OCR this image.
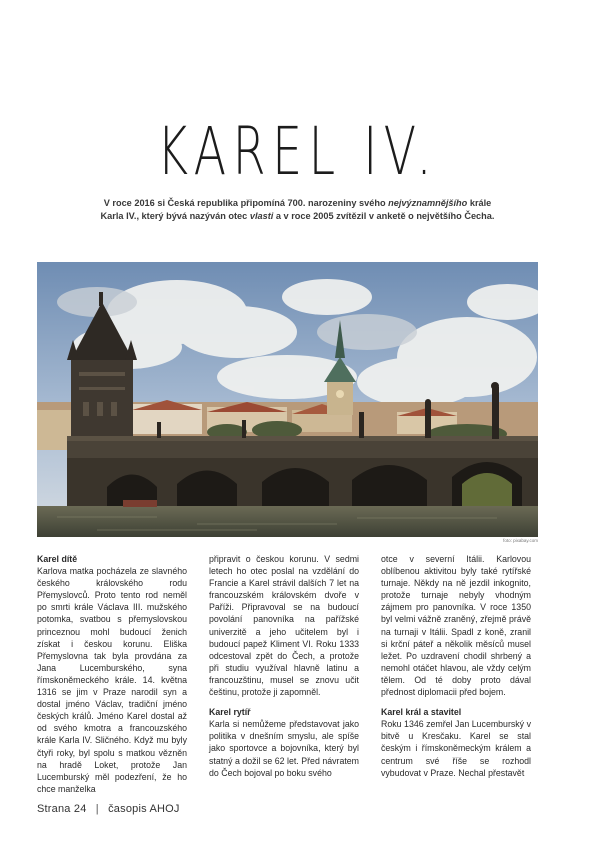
KAREL IV.
V roce 2016 si Česká republika připomíná 700. narozeniny svého nejvýznamnějšího krále
Karla IV., který bývá nazýván otec vlasti a v roce 2005 zvítězil v anketě o největšího Čecha.
foto: pixabay.com

Karel dítě

Karlova matka pocházela ze slavného českého královského rodu Přemyslovců. Proto tento rod neměl po smrti krále Václava III. mužského potomka, svatbou s přemyslovskou princeznou mohl budoucí ženich získat i českou korunu. Eliška Přemyslovna tak byla provdána za Jana Lucemburského, syna římskoněmeckého krále. 14. května 1316 se jim v Praze narodil syn a dostal jméno Václav, tradiční jméno českých králů. Jméno Karel dostal až od svého kmotra a francouzského krále Karla IV. Sličného. Když mu byly čtyři roky, byl spolu s matkou vězněn na hradě Loket, protože Jan Lucemburský měl podezření, že ho chce manželka

připravit o českou korunu. V sedmi letech ho otec poslal na vzdělání do Francie a Karel strávil dalších 7 let na francouzském královském dvoře v Paříži. Připravoval se na budoucí povolání panovníka na pařížské univerzitě a jeho učitelem byl i budoucí papež Kliment VI. Roku 1333 odcestoval zpět do Čech, a protože při studiu využíval hlavně latinu a francouzštinu, musel se znovu učit češtinu, protože ji zapomněl.

Karel rytíř

Karla si nemůžeme představovat jako politika v dnešním smyslu, ale spíše jako sportovce a bojovníka, který byl statný a dožil se 62 let. Před návratem do Čech bojoval po boku svého

otce v severní Itálii. Karlovou oblíbenou aktivitou byly také rytířské turnaje. Někdy na ně jezdil inkognito, protože turnaje nebyly vhodným zájmem pro panovníka. V roce 1350 byl velmi vážně zraněný, zřejmě právě na turnaji v Itálii. Spadl z koně, zranil si krční páteř a několik měsíců musel ležet. Po uzdravení chodil shrbený a nemohl otáčet hlavou, ale vždy celým tělem. Od té doby proto dával přednost diplomacii před bojem.

Karel král a stavitel

Roku 1346 zemřel Jan Lucemburský v bitvě u Kresčaku. Karel se stal českým i římskoněmeckým králem a centrum své říše se rozhodl vybudovat v Praze. Nechal přestavět

Strana 24 | časopis AHOJ
